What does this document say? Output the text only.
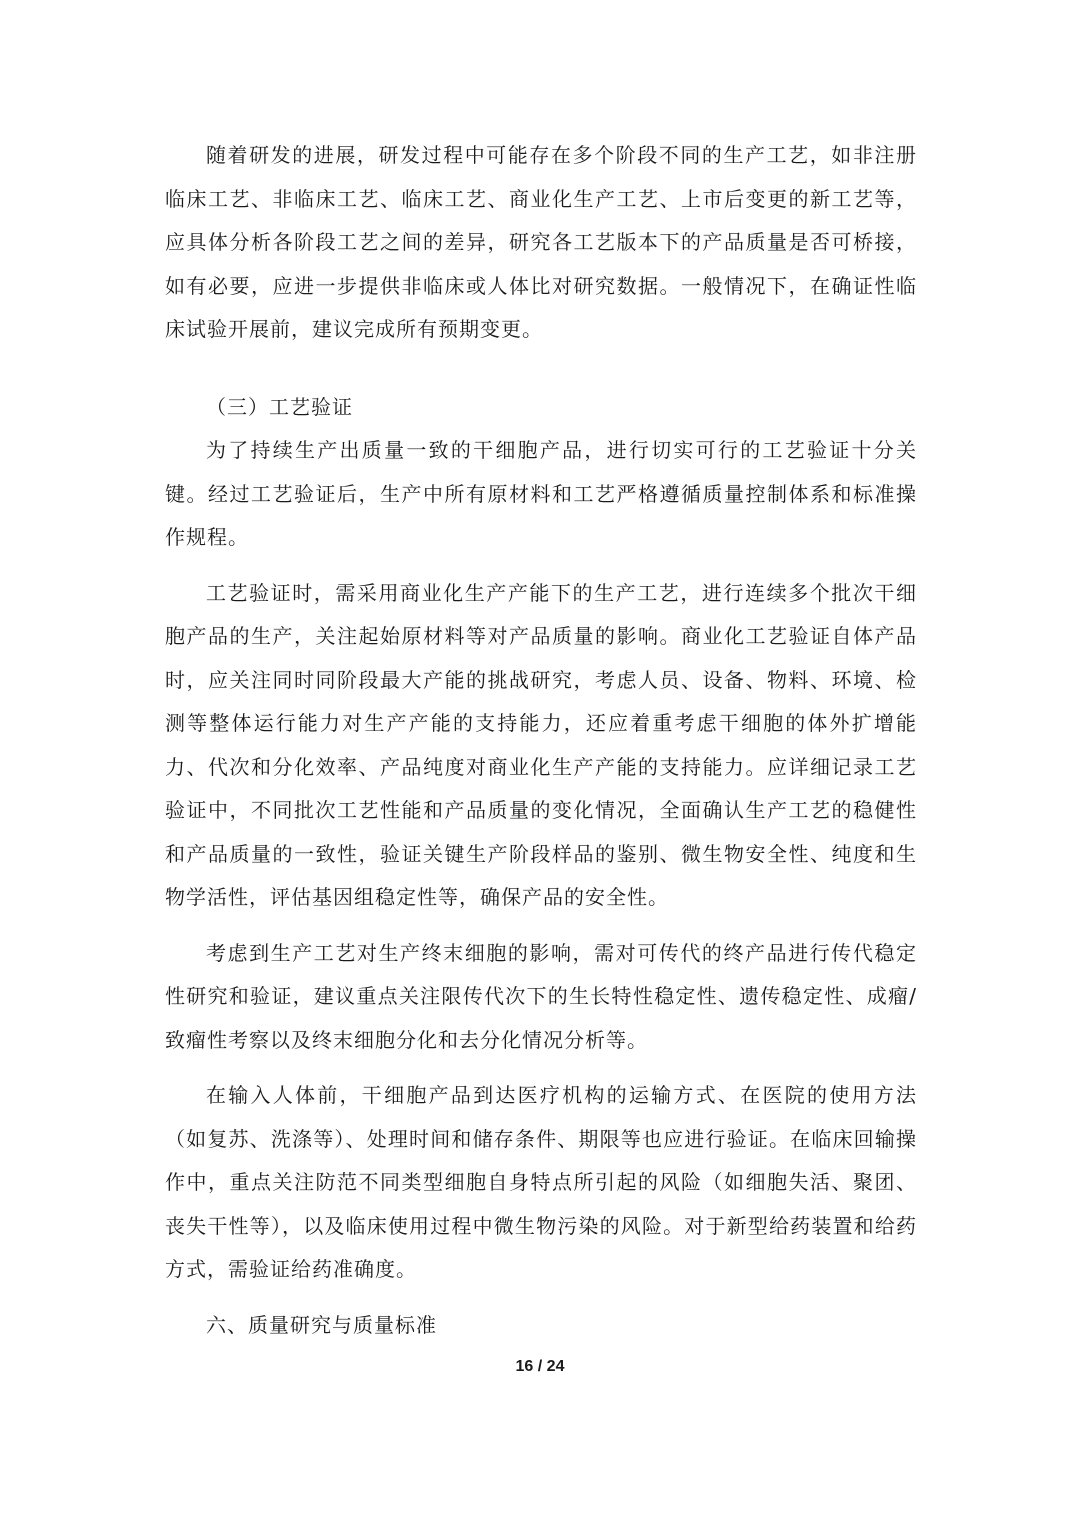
随着研发的进展，研发过程中可能存在多个阶段不同的生产工艺，如非注册临床工艺、非临床工艺、临床工艺、商业化生产工艺、上市后变更的新工艺等，应具体分析各阶段工艺之间的差异，研究各工艺版本下的产品质量是否可桥接，如有必要，应进一步提供非临床或人体比对研究数据。一般情况下，在确证性临床试验开展前，建议完成所有预期变更。

（三）工艺验证

为了持续生产出质量一致的干细胞产品，进行切实可行的工艺验证十分关键。经过工艺验证后，生产中所有原材料和工艺严格遵循质量控制体系和标准操作规程。

工艺验证时，需采用商业化生产产能下的生产工艺，进行连续多个批次干细胞产品的生产，关注起始原材料等对产品质量的影响。商业化工艺验证自体产品时，应关注同时同阶段最大产能的挑战研究，考虑人员、设备、物料、环境、检测等整体运行能力对生产产能的支持能力，还应着重考虑干细胞的体外扩增能力、代次和分化效率、产品纯度对商业化生产产能的支持能力。应详细记录工艺验证中，不同批次工艺性能和产品质量的变化情况，全面确认生产工艺的稳健性和产品质量的一致性，验证关键生产阶段样品的鉴别、微生物安全性、纯度和生物学活性，评估基因组稳定性等，确保产品的安全性。

考虑到生产工艺对生产终末细胞的影响，需对可传代的终产品进行传代稳定性研究和验证，建议重点关注限传代次下的生长特性稳定性、遗传稳定性、成瘤/致瘤性考察以及终末细胞分化和去分化情况分析等。

在输入人体前，干细胞产品到达医疗机构的运输方式、在医院的使用方法（如复苏、洗涤等）、处理时间和储存条件、期限等也应进行验证。在临床回输操作中，重点关注防范不同类型细胞自身特点所引起的风险（如细胞失活、聚团、丧失干性等），以及临床使用过程中微生物污染的风险。对于新型给药装置和给药方式，需验证给药准确度。

六、质量研究与质量标准

16 / 24
